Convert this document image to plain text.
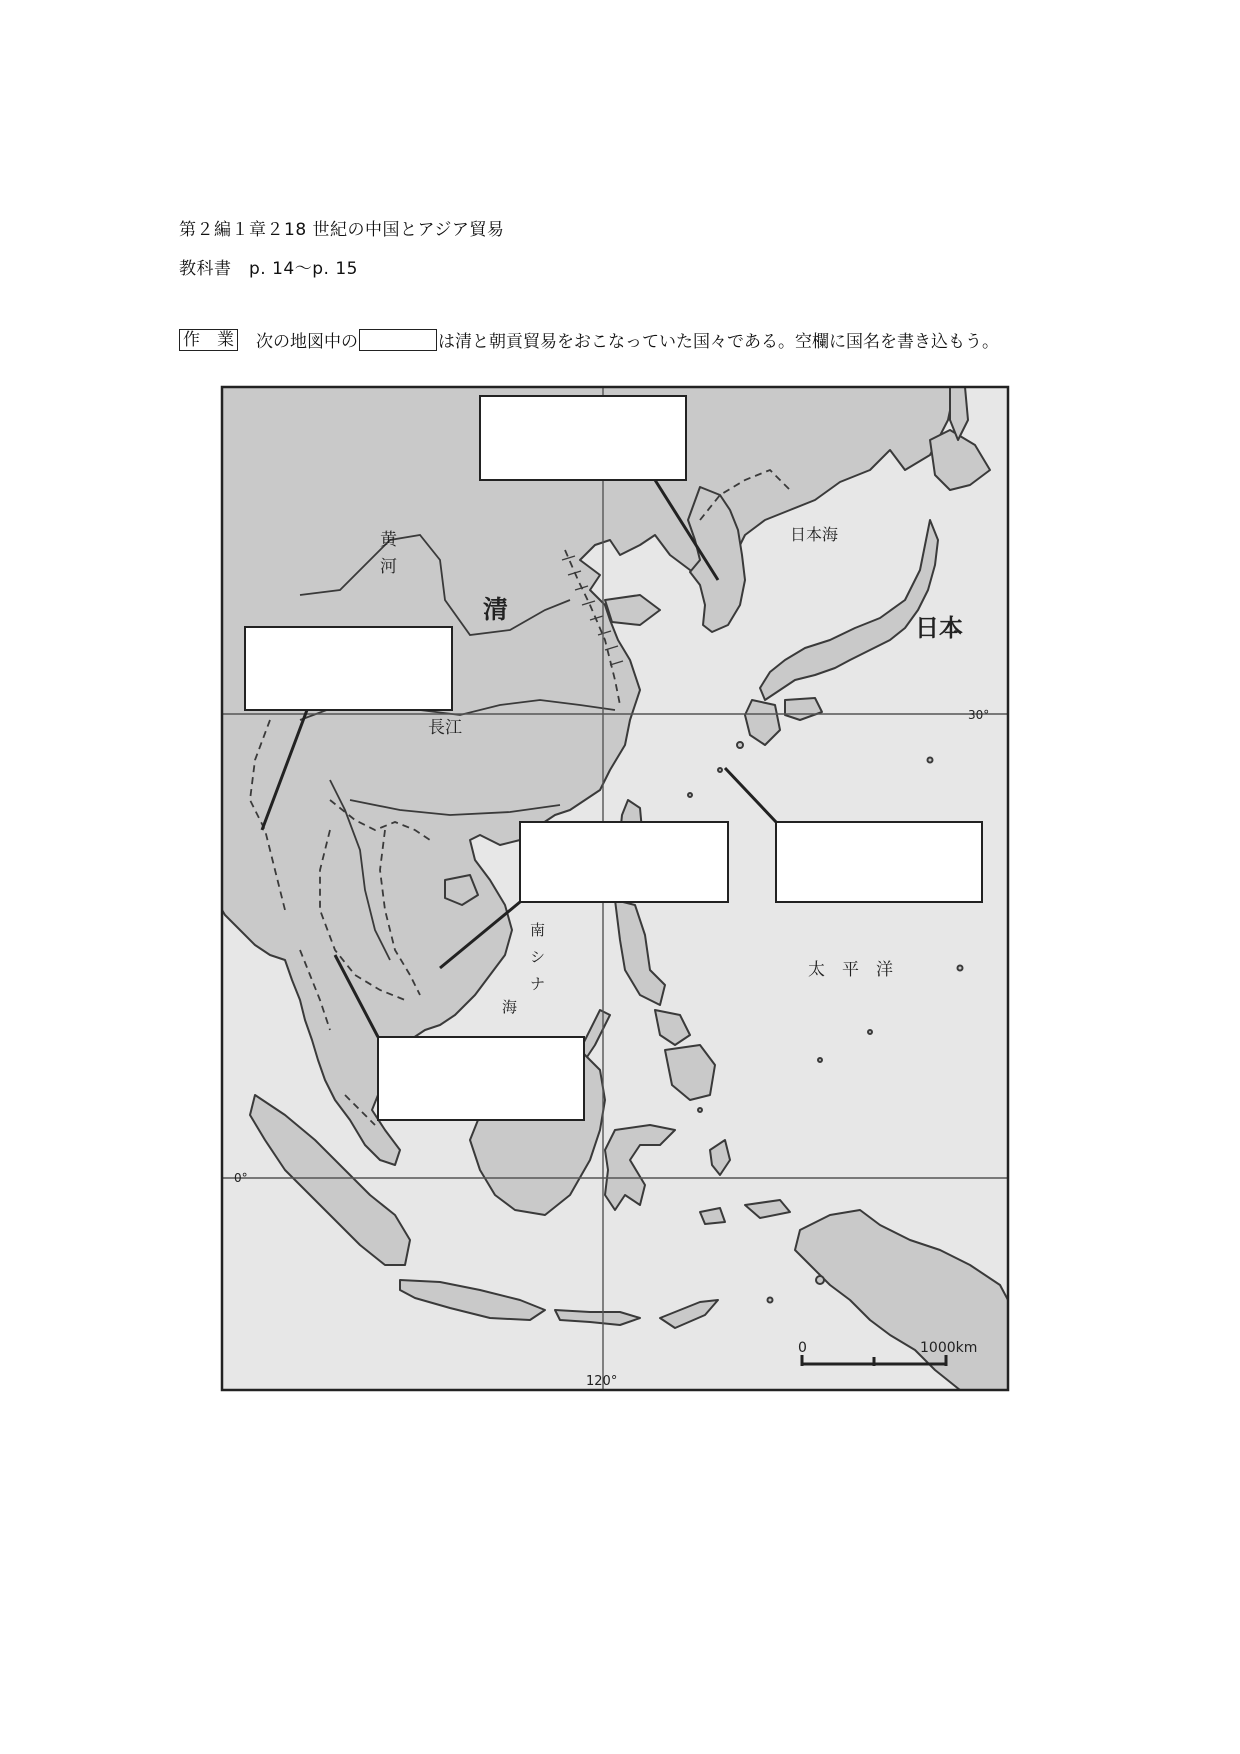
第２編１章２18 世紀の中国とアジア貿易
教科書　p. 14〜p. 15
作　業 次の地図中の	は清と朝貢貿易をおこなっていた国々である。空欄に国名を書き込もう。
清
日本
日本海
黄
河
長江
南
シ
ナ
海
太　平　洋
30°
0°
120°
0	1000km
